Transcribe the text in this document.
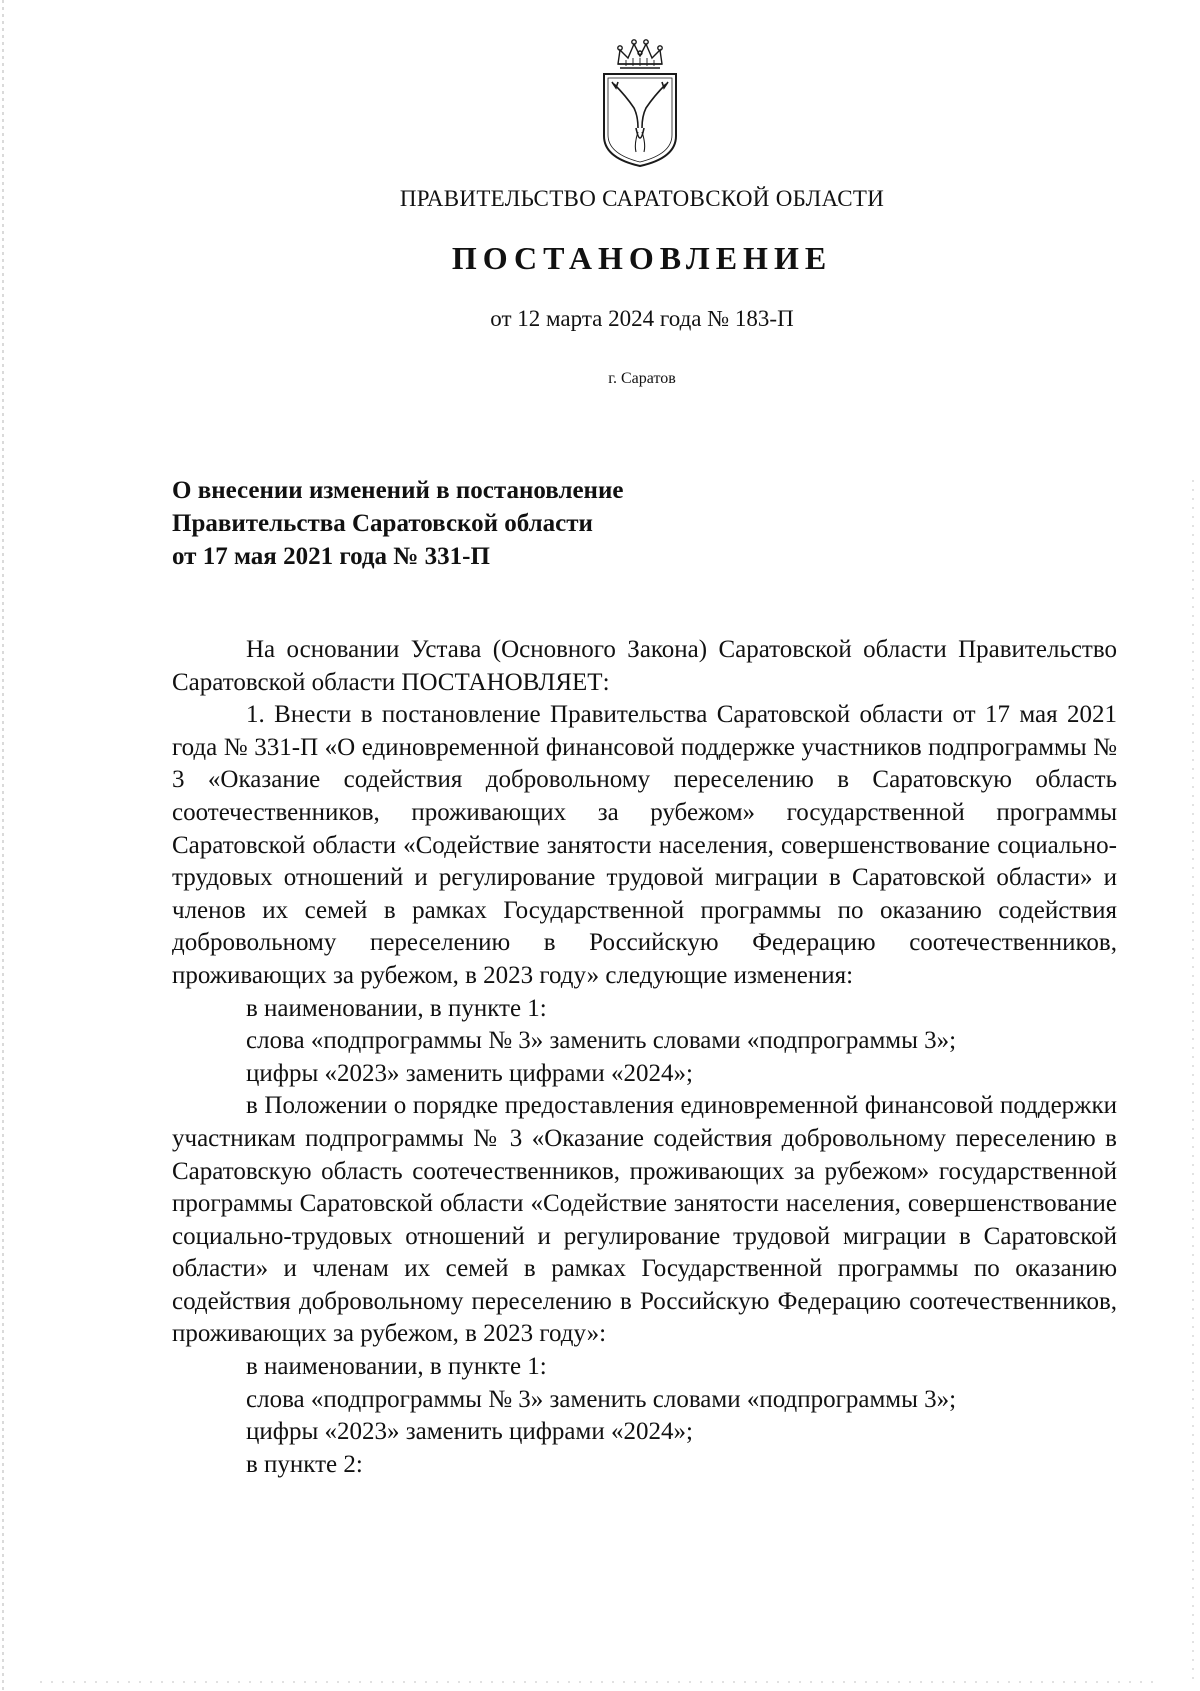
ПРАВИТЕЛЬСТВО САРАТОВСКОЙ ОБЛАСТИ
ПОСТАНОВЛЕНИЕ
от 12 марта 2024 года № 183-П
г. Саратов
О внесении изменений в постановление
Правительства Саратовской области
от 17 мая 2021 года № 331-П

На основании Устава (Основного Закона) Саратовской области Правительство Саратовской области ПОСТАНОВЛЯЕТ:

1. Внести в постановление Правительства Саратовской области от 17 мая 2021 года № 331-П «О единовременной финансовой поддержке участников подпрограммы № 3 «Оказание содействия добровольному переселению в Саратовскую область соотечественников, проживающих за рубежом» государственной программы Саратовской области «Содействие занятости населения, совершенствование социально-трудовых отношений и регулирование трудовой миграции в Саратовской области» и членов их семей в рамках Государственной программы по оказанию содействия добровольному переселению в Российскую Федерацию соотечественников, проживающих за рубежом, в 2023 году» следующие изменения:

в наименовании, в пункте 1:

слова «подпрограммы № 3» заменить словами «подпрограммы 3»;

цифры «2023» заменить цифрами «2024»;

в Положении о порядке предоставления единовременной финансовой поддержки участникам подпрограммы № 3 «Оказание содействия добровольному переселению в Саратовскую область соотечественников, проживающих за рубежом» государственной программы Саратовской области «Содействие занятости населения, совершенствование социально-трудовых отношений и регулирование трудовой миграции в Саратовской области» и членам их семей в рамках Государственной программы по оказанию содействия добровольному переселению в Российскую Федерацию соотечественников, проживающих за рубежом, в 2023 году»:

в наименовании, в пункте 1:

слова «подпрограммы № 3» заменить словами «подпрограммы 3»;

цифры «2023» заменить цифрами «2024»;

в пункте 2:
